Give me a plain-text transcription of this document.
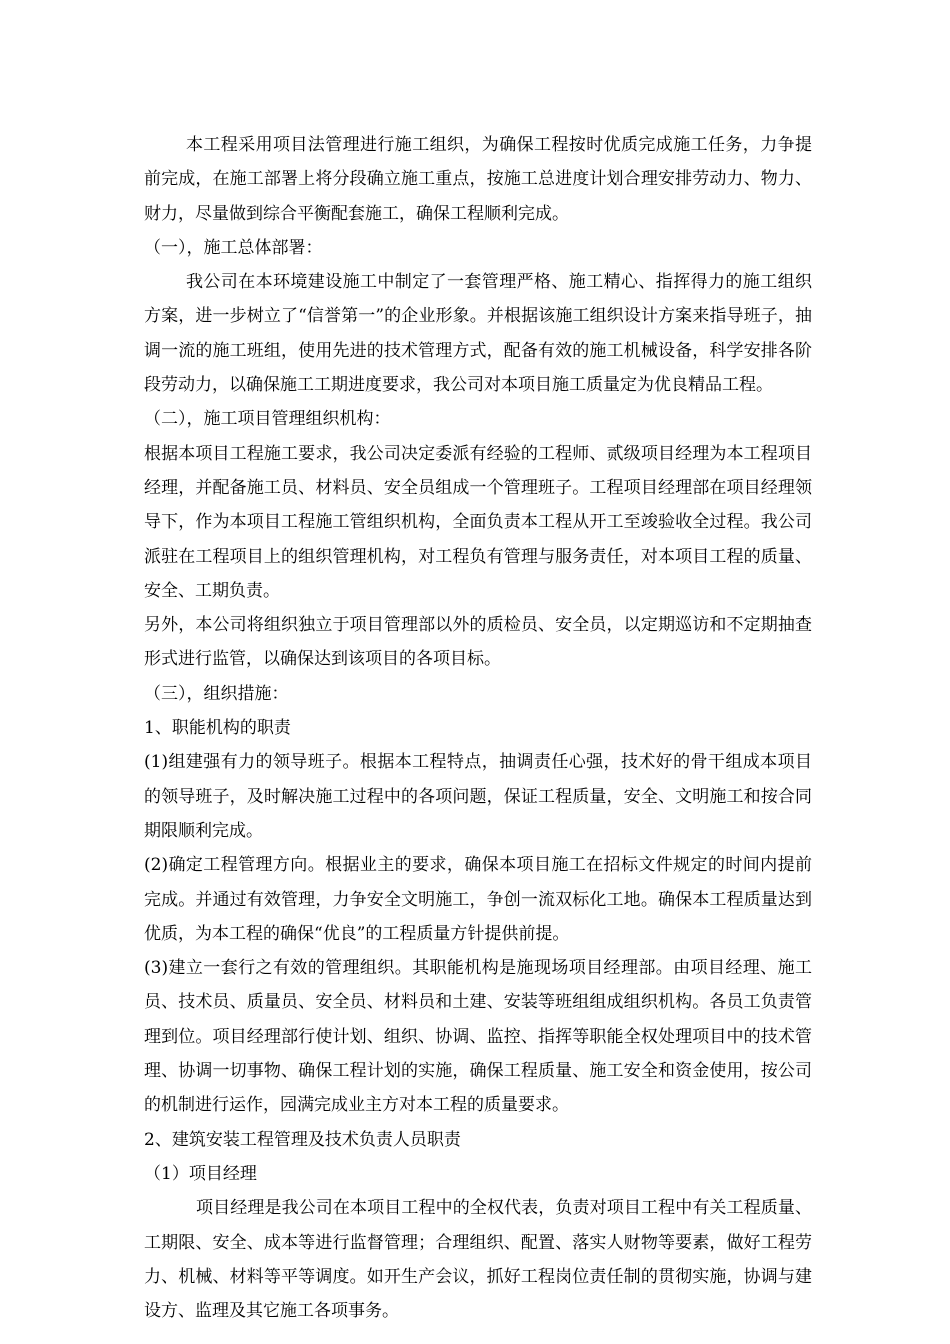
本工程采用项目法管理进行施工组织，为确保工程按时优质完成施工任务，力争提前完成，在施工部署上将分段确立施工重点，按施工总进度计划合理安排劳动力、物力、财力，尽量做到综合平衡配套施工，确保工程顺利完成。

（一），施工总体部署：

我公司在本环境建设施工中制定了一套管理严格、施工精心、指挥得力的施工组织方案，进一步树立了“信誉第一”的企业形象。并根据该施工组织设计方案来指导班子，抽调一流的施工班组，使用先进的技术管理方式，配备有效的施工机械设备，科学安排各阶段劳动力，以确保施工工期进度要求，我公司对本项目施工质量定为优良精品工程。

（二），施工项目管理组织机构：

根据本项目工程施工要求，我公司决定委派有经验的工程师、贰级项目经理为本工程项目经理，并配备施工员、材料员、安全员组成一个管理班子。工程项目经理部在项目经理领导下，作为本项目工程施工管组织机构，全面负责本工程从开工至竣验收全过程。我公司派驻在工程项目上的组织管理机构，对工程负有管理与服务责任，对本项目工程的质量、安全、工期负责。

另外，本公司将组织独立于项目管理部以外的质检员、安全员，以定期巡访和不定期抽查形式进行监管，以确保达到该项目的各项目标。

（三），组织措施：

1、职能机构的职责

(1)组建强有力的领导班子。根据本工程特点，抽调责任心强，技术好的骨干组成本项目的领导班子，及时解决施工过程中的各项问题，保证工程质量，安全、文明施工和按合同期限顺利完成。

(2)确定工程管理方向。根据业主的要求，确保本项目施工在招标文件规定的时间内提前完成。并通过有效管理，力争安全文明施工，争创一流双标化工地。确保本工程质量达到优质，为本工程的确保“优良”的工程质量方针提供前提。

(3)建立一套行之有效的管理组织。其职能机构是施现场项目经理部。由项目经理、施工员、技术员、质量员、安全员、材料员和土建、安装等班组组成组织机构。各员工负责管理到位。项目经理部行使计划、组织、协调、监控、指挥等职能全权处理项目中的技术管理、协调一切事物、确保工程计划的实施，确保工程质量、施工安全和资金使用，按公司的机制进行运作，园满完成业主方对本工程的质量要求。

2、建筑安装工程管理及技术负责人员职责

（1）项目经理

项目经理是我公司在本项目工程中的全权代表，负责对项目工程中有关工程质量、工期限、安全、成本等进行监督管理；合理组织、配置、落实人财物等要素，做好工程劳力、机械、材料等平等调度。如开生产会议，抓好工程岗位责任制的贯彻实施，协调与建设方、监理及其它施工各项事务。
